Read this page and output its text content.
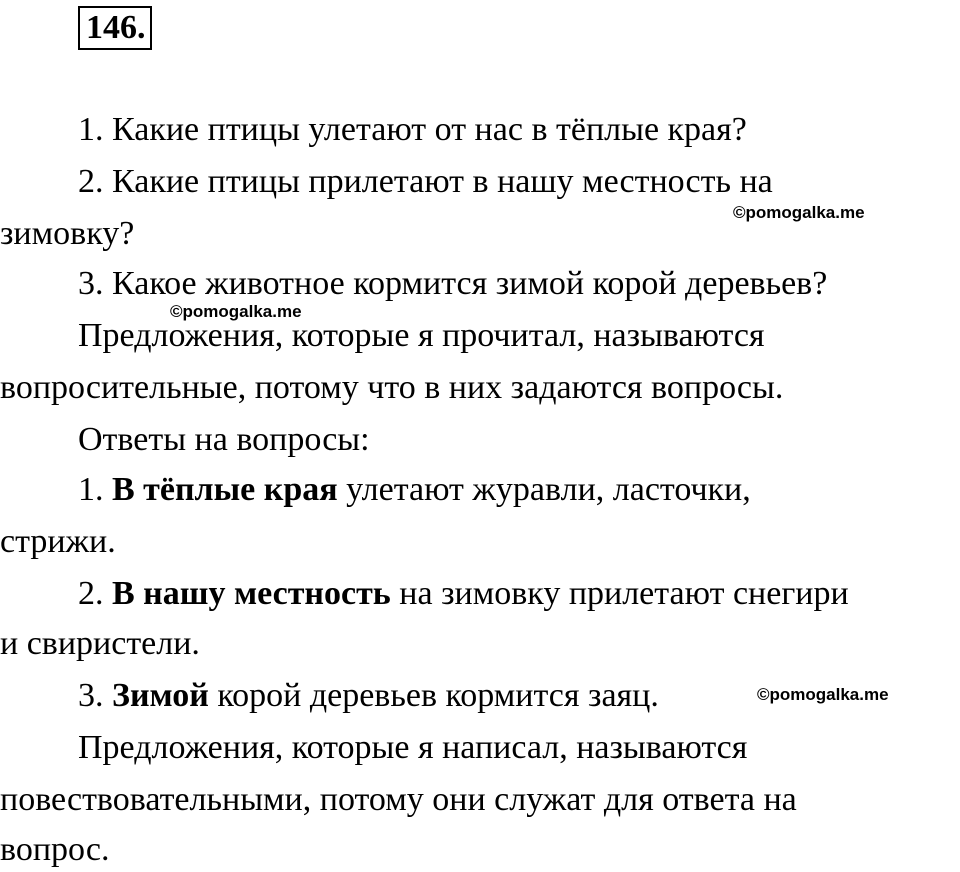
146.
1. Какие птицы улетают от нас в тёплые края?
2. Какие птицы прилетают в нашу местность на
зимовку?
3. Какое животное кормится зимой корой деревьев?
Предложения, которые я прочитал, называются
вопросительные, потому что в них задаются вопросы.
Ответы на вопросы:
1. В тёплые края улетают журавли, ласточки,
стрижи.
2. В нашу местность на зимовку прилетают снегири
и свиристели.
3. Зимой корой деревьев кормится заяц.
Предложения, которые я написал, называются
повествовательными, потому они служат для ответа на
вопрос.
©pomogalka.me
©pomogalka.me
©pomogalka.me
